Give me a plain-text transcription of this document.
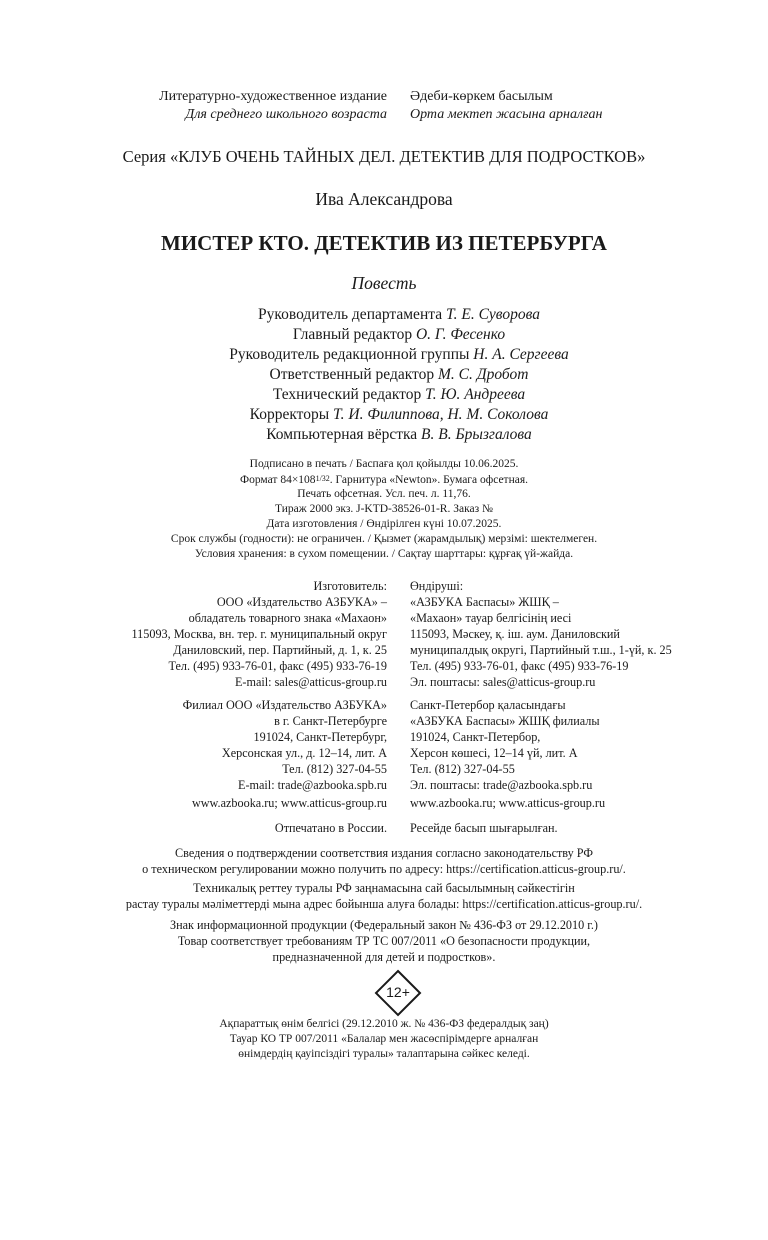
Литературно-художественное издание Әдеби-көркем басылым
Для среднего школьного возраста Орта мектеп жасына арналған
Серия «КЛУБ ОЧЕНЬ ТАЙНЫХ ДЕЛ. ДЕТЕКТИВ ДЛЯ ПОДРОСТКОВ»
Ива Александрова
МИСТЕР КТО. ДЕТЕКТИВ ИЗ ПЕТЕРБУРГА
Повесть
Руководитель департамента Т. Е. Суворова
Главный редактор О. Г. Фесенко
Руководитель редакционной группы Н. А. Сергеева
Ответственный редактор М. С. Дробот
Технический редактор Т. Ю. Андреева
Корректоры Т. И. Филиппова, Н. М. Соколова
Компьютерная вёрстка В. В. Брызгалова
Подписано в печать / Баспаға қол қойылды 10.06.2025.
Формат 84×1081/32. Гарнитура «Newton». Бумага офсетная.
Печать офсетная. Усл. печ. л. 11,76.
Тираж 2000 экз. J-KTD-38526-01-R. Заказ №
Дата изготовления / Өндірілген күні 10.07.2025.
Срок службы (годности): не ограничен. / Қызмет (жарамдылық) мерзімі: шектелмеген.
Условия хранения: в сухом помещении. / Сақтау шарттары: құрғақ үй-жайда.
Изготовитель:
ООО «Издательство АЗБУКА» –
обладатель товарного знака «Махаон»
115093, Москва, вн. тер. г. муниципальный округ
Даниловский, пер. Партийный, д. 1, к. 25
Тел. (495) 933-76-01, факс (495) 933-76-19
E-mail: sales@atticus-group.ru
Өндіруші:
«АЗБУКА Баспасы» ЖШҚ –
«Махаон» тауар белгісінің иесі
115093, Мәскеу, қ. іш. аум. Даниловский
муниципалдық округі, Партийный т.ш., 1-үй, к. 25
Тел. (495) 933-76-01, факс (495) 933-76-19
Эл. поштасы: sales@atticus-group.ru
Филиал ООО «Издательство АЗБУКА»
в г. Санкт-Петербурге
191024, Санкт-Петербург,
Херсонская ул., д. 12–14, лит. А
Тел. (812) 327-04-55
E-mail: trade@azbooka.spb.ru
Санкт-Петербор қаласындағы
«АЗБУКА Баспасы» ЖШҚ филиалы
191024, Санкт-Петербор,
Херсон көшесі, 12–14 үй, лит. А
Тел. (812) 327-04-55
Эл. поштасы: trade@azbooka.spb.ru
www.azbooka.ru; www.atticus-group.ru www.azbooka.ru; www.atticus-group.ru
Отпечатано в России. Ресейде басып шығарылған.
Сведения о подтверждении соответствия издания согласно законодательству РФ
о техническом регулировании можно получить по адресу: https://certification.atticus-group.ru/.
Техникалық реттеу туралы РФ заңнамасына сай басылымның сәйкестігін
растау туралы мәліметтерді мына адрес бойынша алуға болады: https://certification.atticus-group.ru/.
Знак информационной продукции (Федеральный закон № 436-ФЗ от 29.12.2010 г.)
Товар соответствует требованиям ТР ТС 007/2011 «О безопасности продукции,
предназначенной для детей и подростков».
12+
Ақпараттық өнім белгісі (29.12.2010 ж. № 436-ФЗ федералдық заң)
Тауар КО ТР 007/2011 «Балалар мен жасөспірімдерге арналған
өнімдердің қауіпсіздігі туралы» талаптарына сәйкес келеді.
